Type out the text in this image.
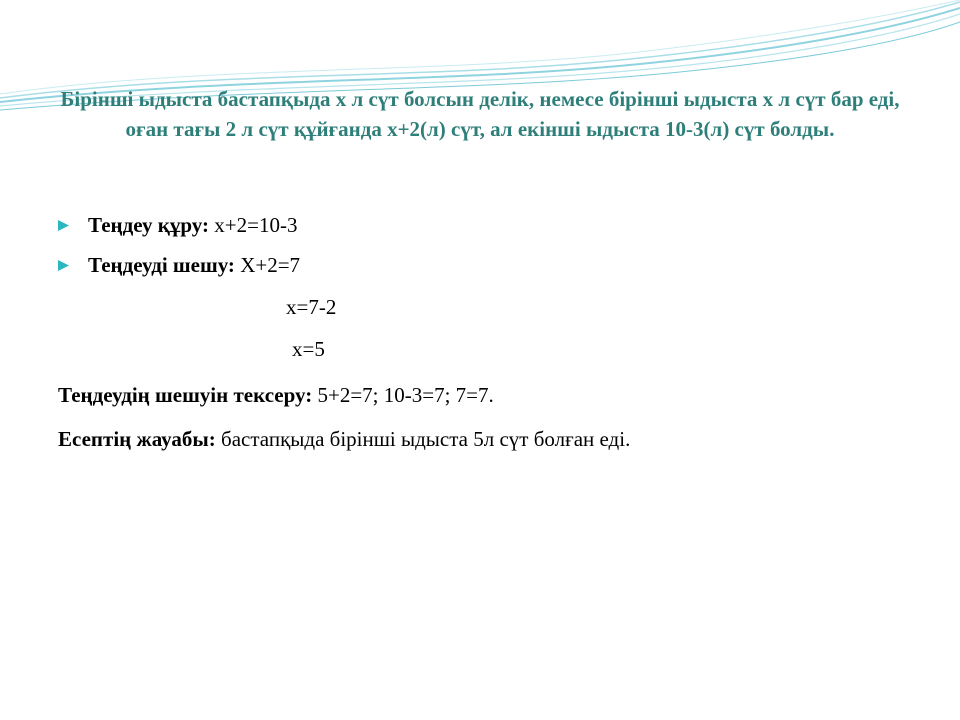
Бірінші ыдыста бастапқыда х л сүт болсын делік, немесе бірінші ыдыста х л сүт бар еді, оған тағы 2 л сүт құйғанда х+2(л) сүт, ал екінші ыдыста 10-3(л) сүт болды.

Теңдеу құру: х+2=10-3
Теңдеуді шешу: Х+2=7
х=7-2
х=5
Теңдеудің шешуін тексеру: 5+2=7; 10-3=7; 7=7.
Есептің жауабы: бастапқыда бірінші ыдыста 5л сүт болған еді.
